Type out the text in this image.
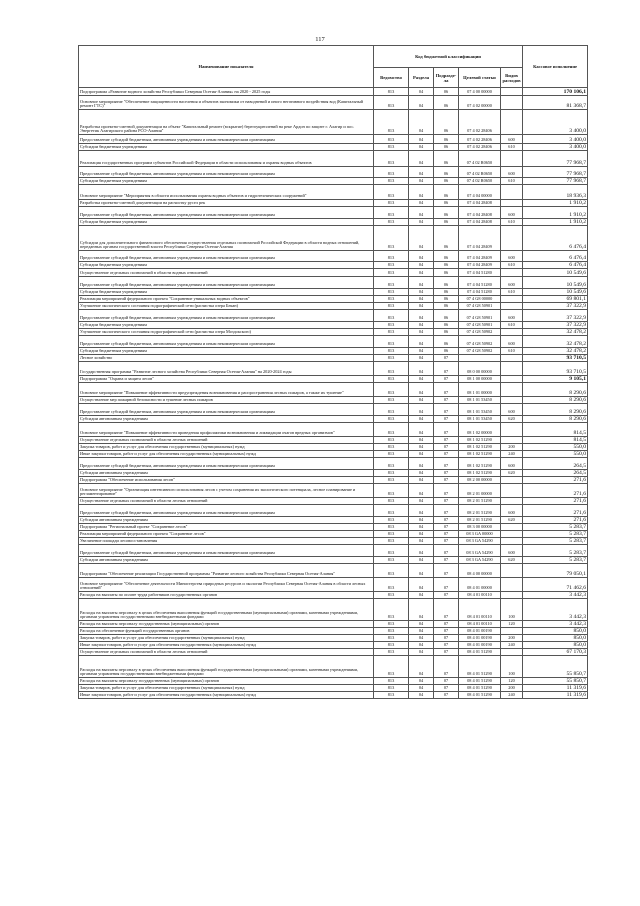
117
Наименование показателя	Код бюджетной классификации					Кассовое исполнение
	Ведомство	Раздела	Подразде-ла	Целевой статьи	Видов расходов	
Подпрограмма «Развитие водного хозяйства Республики Северная Осетия-Алания» на 2020 - 2025 годы	813	04	06	07 4 00 00000		170 106,1
Основное мероприятие "Обеспечение защищенности населения и объектов экономики от наводнений и иного негативного воздействия вод (Капитальный ремонт ГТС)"	813	04	06	07 4 02 00000		81 368,7
Разработка проектно-сметной документации на объект "Капитальный ремонт (вскрытие) берегоукреплений на реке Ардон по защите г. Алагир и пос. Энергетик Алагирского района РСО-Алания"	813	04	06	07 4 02 28406		3 400,0
Предоставление субсидий бюджетным, автономным учреждениям и иным некоммерческим организациям	813	04	06	07 4 02 28406	600	3 400,0
Субсидии бюджетным учреждениям	813	04	06	07 4 02 28406	610	3 400,0
Реализация государственных программ субъектов Российской Федерации в области использования и охраны водных объектов	813	04	06	07 4 02 R0650		77 968,7
Предоставление субсидий бюджетным, автономным учреждениям и иным некоммерческим организациям	813	04	06	07 4 02 R0650	600	77 968,7
Субсидии бюджетным учреждениям	813	04	06	07 4 02 R0650	610	77 968,7
Основное мероприятие "Мероприятия в области использования охраны водных объектов и гидротехнических сооружений"	813	04	06	07 4 04 00000		18 936,3
Разработка проектно-сметной документации на расчистку русел рек	813	04	06	07 4 04 28408		1 910,2
Предоставление субсидий бюджетным, автономным учреждениям и иным некоммерческим организациям	813	04	06	07 4 04 28408	600	1 910,2
Субсидии бюджетным учреждениям	813	04	06	07 4 04 28408	610	1 910,2
Субсидии для дополнительного финансового обеспечения осуществления отдельных полномочий Российской Федерации в области водных отношений, переданных органам государственной власти Республики Северная Осетия-Алания	813	04	06	07 4 04 28409		6 476,4
Предоставление субсидий бюджетным, автономным учреждениям и иным некоммерческим организациям	813	04	06	07 4 04 28409	600	6 476,4
Субсидии бюджетным учреждениям	813	04	06	07 4 04 28409	610	6 476,4
Осуществление отдельных полномочий в области водных отношений	813	04	06	07 4 04 51280		10 549,6
Предоставление субсидий бюджетным, автономным учреждениям и иным некоммерческим организациям	813	04	06	07 4 04 51280	600	10 549,6
Субсидии бюджетным учреждениям	813	04	06	07 4 04 51280	610	10 549,6
Реализация мероприятий федерального проекта "Сохранение уникальных водных объектов"	813	04	06	07 4 G8 00000		69 801,1
Улучшение экологического состояния гидрографической сети (расчистка озера Бекан)	813	04	06	07 4 G8 50901		37 322,9
Предоставление субсидий бюджетным, автономным учреждениям и иным некоммерческим организациям	813	04	06	07 4 G8 50901	600	37 322,9
Субсидии бюджетным учреждениям	813	04	06	07 4 G8 50901	610	37 322,9
Улучшение экологического состояния гидрографической сети (расчистка озера Моздокского)	813	04	06	07 4 G8 50902		32 478,2
Предоставление субсидий бюджетным, автономным учреждениям и иным некоммерческим организациям	813	04	06	07 4 G8 50902	600	32 478,2
Субсидии бюджетным учреждениям	813	04	06	07 4 G8 50902	610	32 478,2
Лесное хозяйство	813	04	07			93 710,5
Государственная программа "Развитие лесного хозяйства Республики Северная Осетия-Алания" на 2020-2024 годы	813	04	07	08 0 00 00000		93 710,5
Подпрограмма "Охрана и защита лесов"	813	04	07	08 1 00 00000		9 105,1
Основное мероприятие "Повышение эффективности предупреждения возникновения и распространения лесных пожаров, а также их тушение"	813	04	07	08 1 01 00000		8 290,6
Осуществление мер пожарной безопасности и тушение лесных пожаров	813	04	07	08 1 01 53450		8 290,6
Предоставление субсидий бюджетным, автономным учреждениям и иным некоммерческим организациям	813	04	07	08 1 01 53450	600	8 290,6
Субсидии автономным учреждениям	813	04	07	08 1 01 53450	620	8 290,6
Основное мероприятие "Повышение эффективности проведения профилактики возникновения и ликвидации очагов вредных организмов"	813	04	07	08 1 02 00000		814,5
Осуществление отдельных полномочий в области лесных отношений	813	04	07	08 1 02 51290		814,5
Закупка товаров, работ и услуг для обеспечения государственных (муниципальных) нужд	813	04	07	08 1 02 51290	200	550,0
Иные закупки товаров, работ и услуг для обеспечения государственных (муниципальных) нужд	813	04	07	08 1 02 51290	240	550,0
Предоставление субсидий бюджетным, автономным учреждениям и иным некоммерческим организациям	813	04	07	08 1 02 51290	600	264,5
Субсидии автономным учреждениям	813	04	07	08 1 02 51290	620	264,5
Подпрограмма "Обеспечение использования лесов"	813	04	07	08 2 00 00000		271,6
Основное мероприятие "Организация интенсивного использования лесов с учетом сохранения их экологического потенциала, лесное планирование и регламентирование"	813	04	07	08 2 01 00000		271,6
Осуществление отдельных полномочий в области лесных отношений	813	04	07	08 2 01 51290		271,6
Предоставление субсидий бюджетным, автономным учреждениям и иным некоммерческим организациям	813	04	07	08 2 01 51290	600	271,6
Субсидии автономным учреждениям	813	04	07	08 2 01 51290	620	271,6
Подпрограмма "Региональный проект "Сохранение лесов"	813	04	07	08 3 00 00000		5 283,7
Реализация мероприятий федерального проекта "Сохранение лесов"	813	04	07	08 3 GA 00000		5 283,7
Увеличение площади лесовосстановления	813	04	07	08 3 GA 54290		5 283,7
Предоставление субсидий бюджетным, автономным учреждениям и иным некоммерческим организациям	813	04	07	08 3 GA 54290	600	5 283,7
Субсидии автономным учреждениям	813	04	07	08 3 GA 54290	620	5 283,7
Подпрограмма "Обеспечение реализации Государственной программы "Развитие лесного хозяйства Республики Северная Осетия-Алания"	813	04	07	08 4 00 00000		79 050,1
Основное мероприятие "Обеспечение деятельности Министерства природных ресурсов и экологии Республики Северная Осетия-Алания в области лесных отношений"	813	04	07	08 4 01 00000		71 462,6
Расходы на выплаты по оплате труда работников государственных органов	813	04	07	08 4 01 00110		3 442,3
Расходы на выплаты персоналу в целях обеспечения выполнения функций государственными (муниципальными) органами, казенными учреждениями, органами управления государственными внебюджетными фондами	813	04	07	08 4 01 00110	100	3 442,3
Расходы на выплаты персоналу государственных (муниципальных) органов	813	04	07	08 4 01 00110	120	3 442,3
Расходы на обеспечение функций государственных органов	813	04	07	08 4 01 00190		850,0
Закупка товаров, работ и услуг для обеспечения государственных (муниципальных) нужд	813	04	07	08 4 01 00190	200	850,0
Иные закупки товаров, работ и услуг для обеспечения государственных (муниципальных) нужд	813	04	07	08 4 01 00190	240	850,0
Осуществление отдельных полномочий в области лесных отношений	813	04	07	08 4 01 51290		67 170,3
Расходы на выплаты персоналу в целях обеспечения выполнения функций государственными (муниципальными) органами, казенными учреждениями, органами управления государственными внебюджетными фондами	813	04	07	08 4 01 51290	100	55 850,7
Расходы на выплаты персоналу государственных (муниципальных) органов	813	04	07	08 4 01 51290	120	55 850,7
Закупка товаров, работ и услуг для обеспечения государственных (муниципальных) нужд	813	04	07	08 4 01 51290	200	11 319,6
Иные закупки товаров, работ и услуг для обеспечения государственных (муниципальных) нужд	813	04	07	08 4 01 51290	240	11 319,6
